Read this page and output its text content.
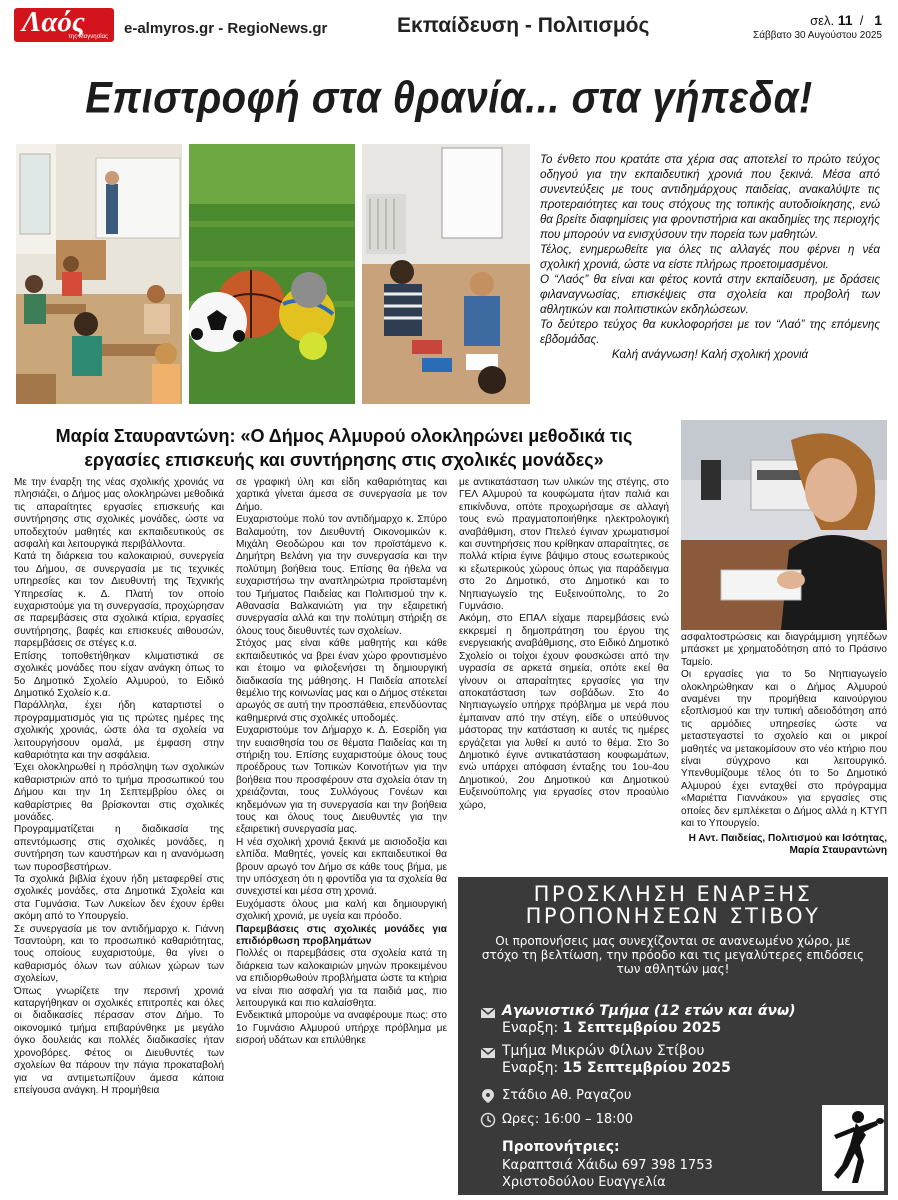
Λαός
της Μαγνησίας e-almyros.gr - RegioNews.gr	Εκπαίδευση - Πολιτισμός	σελ. 11 / 1
Σάββατο 30 Αυγούστου 2025
Επιστροφή στα θρανία... στα γήπεδα!

Το ένθετο που κρατάτε στα χέρια σας αποτελεί το πρώτο τεύχος οδηγού για την εκπαιδευτική χρονιά που ξεκινά. Μέσα από συνεντεύξεις με τους αντιδημάρχους παιδείας, ανακαλύψτε τις προτεραιότητες και τους στόχους της τοπικής αυτοδιοίκησης, ενώ θα βρείτε διαφημίσεις για φροντιστήρια και ακαδημίες της περιοχής που μπορούν να ενισχύσουν την πορεία των μαθητών.

Τέλος, ενημερωθείτε για όλες τις αλλαγές που φέρνει η νέα σχολική χρονιά, ώστε να είστε πλήρως προετοιμασμένοι.

Ο “Λαός” θα είναι και φέτος κοντά στην εκπαίδευση, με δράσεις φιλαναγνωσίας, επισκέψεις στα σχολεία και προβολή των αθλητικών και πολιτιστικών εκδηλώσεων.

Το δεύτερο τεύχος θα κυκλοφορήσει με τον “Λαό” της επόμενης εβδομάδας.

Καλή ανάγνωση! Καλή σχολική χρονιά

Μαρία Σταυραντώνη: «Ο Δήμος Αλμυρού ολοκληρώνει μεθοδικά τις εργασίες επισκευής και συντήρησης στις σχολικές μονάδες»

Με την έναρξη της νέας σχολικής χρονιάς να πλησιάζει, ο Δήμος μας ολοκληρώνει μεθοδικά τις απαραίτητες εργασίες επισκευής και συντήρησης στις σχολικές μονάδες, ώστε να υποδεχτούν μαθητές και εκπαιδευτικούς σε ασφαλή και λειτουργικά περιβάλλοντα.

Κατά τη διάρκεια του καλοκαιριού, συνεργεία του Δήμου, σε συνεργασία με τις τεχνικές υπηρεσίες και τον Διευθυντή της Τεχνικής Υπηρεσίας κ. Δ. Πλατή τον οποίο ευχαριστούμε για τη συνεργασία, προχώρησαν σε παρεμβάσεις στα σχολικά κτίρια, εργασίες συντήρησης, βαφές και επισκευές αιθουσών, παρεμβάσεις σε στέγες κ.α.

Επίσης τοποθετήθηκαν κλιματιστικά σε σχολικές μονάδες που είχαν ανάγκη όπως το 5ο Δημοτικό Σχολείο Αλμυρού, το Ειδικό Δημοτικό Σχολείο κ.α.

Παράλληλα, έχει ήδη καταρτιστεί ο προγραμματισμός για τις πρώτες ημέρες της σχολικής χρονιάς, ώστε όλα τα σχολεία να λειτουργήσουν ομαλά, με έμφαση στην καθαριότητα και την ασφάλεια.

Έχει ολοκληρωθεί η πρόσληψη των σχολικών καθαριστριών από το τμήμα προσωπικού του Δήμου και την 1η Σεπτεμβρίου όλες οι καθαρίστριες θα βρίσκονται στις σχολικές μονάδες.

Προγραμματίζεται η διαδικασία της απεντόμωσης στις σχολικές μονάδες, η συντήρηση των καυστήρων και η ανανόμωση των πυροσβεστήρων.

Τα σχολικά βιβλία έχουν ήδη μεταφερθεί στις σχολικές μονάδες, στα Δημοτικά Σχολεία και στα Γυμνάσια. Των Λυκείων δεν έχουν έρθει ακόμη από το Υπουργείο.

Σε συνεργασία με τον αντιδήμαρχο κ. Γιάννη Τσαντούρη, και το προσωπικό καθαριότητας, τους οποίους ευχαριστούμε, θα γίνει ο καθαρισμός όλων των αύλιων χώρων των σχολείων,

Όπως γνωρίζετε την περσινή χρονιά καταργήθηκαν οι σχολικές επιτροπές και όλες οι διαδικασίες πέρασαν στον Δήμο. Το οικονομικό τμήμα επιβαρύνθηκε με μεγάλο όγκο δουλειάς και πολλές διαδικασίες ήταν χρονοβόρες. Φέτος οι Διευθυντές των σχολείων θα πάρουν την πάγια προκαταβολή για να αντιμετωπίζουν άμεσα κάποια επείγουσα ανάγκη. Η προμήθεια

σε γραφική ύλη και είδη καθαριότητας και χαρτικά γίνεται άμεσα σε συνεργασία με τον Δήμο.

Ευχαριστούμε πολύ τον αντιδήμαρχο κ. Σπύρο Βαλαμούτη, τον Διευθυντή Οικονομικών κ. Μιχάλη Θεοδώρου και τον προϊστάμενο κ. Δημήτρη Βελάνη για την συνεργασία και την πολύτιμη βοήθεια τους. Επίσης θα ήθελα να ευχαριστήσω την αναπληρώτρια προϊσταμένη του Τμήματος Παιδείας και Πολιτισμού την κ. Αθανασία Βαλκανιώτη για την εξαιρετική συνεργασία αλλά και την πολύτιμη στήριξη σε όλους τους διευθυντές των σχολείων.

Στόχος μας είναι κάθε μαθητής και κάθε εκπαιδευτικός να βρει έναν χώρο φροντισμένο και έτοιμο να φιλοξενήσει τη δημιουργική διαδικασία της μάθησης. Η Παιδεία αποτελεί θεμέλιο της κοινωνίας μας και ο Δήμος στέκεται αρωγός σε αυτή την προσπάθεια, επενδύοντας καθημερινά στις σχολικές υποδομές.

Ευχαριστούμε τον Δήμαρχο κ. Δ. Εσερίδη για την ευαισθησία του σε θέματα Παιδείας και τη στήριξη του. Επίσης ευχαριστούμε όλους τους προέδρους των Τοπικών Κοινοτήτων για την βοήθεια που προσφέρουν στα σχολεία όταν τη χρειάζονται, τους Συλλόγους Γονέων και κηδεμόνων για τη συνεργασία και την βοήθεια τους και όλους τους Διευθυντές για την εξαιρετική συνεργασία μας.

Η νέα σχολική χρονιά ξεκινά με αισιοδοξία και ελπίδα. Μαθητές, γονείς και εκπαιδευτικοί θα βρουν αρωγό τον Δήμο σε κάθε τους βήμα, με την υπόσχεση ότι η φροντίδα για τα σχολεία θα συνεχιστεί και μέσα στη χρονιά.

Ευχόμαστε όλους μια καλή και δημιουργική σχολική χρονιά, με υγεία και πρόοδο.

Παρεμβάσεις στις σχολικές μονάδες για επιδιόρθωση προβλημάτων

Πολλές οι παρεμβάσεις στα σχολεία κατά τη διάρκεια των καλοκαιριών μηνών προκειμένου να επιδιορθωθούν προβλήματα ώστε τα κτήρια να είναι πιο ασφαλή για τα παιδιά μας, πιο λειτουργικά και πιο καλαίσθητα.

Ενδεικτικά μπορούμε να αναφέρουμε πως: στο 1ο Γυμνάσιο Αλμυρού υπήρχε πρόβλημα με εισροή υδάτων και επιλύθηκε

με αντικατάσταση των υλικών της στέγης, στο ΓΕΛ Αλμυρού τα κουφώματα ήταν παλιά και επικίνδυνα, οπότε προχωρήσαμε σε αλλαγή τους ενώ πραγματοποιήθηκε ηλεκτρολογική αναβάθμιση, στον Πτελεό έγιναν χρωματισμοί και συντηρήσεις που κρίθηκαν απαραίτητες, σε πολλά κτίρια έγινε βάψιμο στους εσωτερικούς κι εξωτερικούς χώρους όπως για παράδειγμα στο 2ο Δημοτικό, στο Δημοτικό και το Νηπιαγωγείο της Ευξεινούπολης, το 2ο Γυμνάσιο.

Ακόμη, στο ΕΠΑΛ είχαμε παρεμβάσεις ενώ εκκρεμεί η δημοπράτηση του έργου της ενεργειακής αναβάθμισης, στο Ειδικό Δημοτικό Σχολείο οι τοίχοι έχουν φουσκώσει από την υγρασία σε αρκετά σημεία, οπότε εκεί θα γίνουν οι απαραίτητες εργασίες για την αποκατάσταση των σοβάδων. Στο 4ο Νηπιαγωγείο υπήρχε πρόβλημα με νερά που έμπαιναν από την στέγη, είδε ο υπεύθυνος μάστορας την κατάσταση κι αυτές τις ημέρες εργάζεται για λυθεί κι αυτό το θέμα. Στο 3ο Δημοτικό έγινε αντικατάσταση κουφωμάτων, ενώ υπάρχει απόφαση ένταξης του 1ου-4ου Δημοτικού, 2ου Δημοτικού και Δημοτικού Ευξεινούπολης για εργασίες στον προαύλιο χώρο,

ασφαλτοστρώσεις και διαγράμμιση γηπέδων μπάσκετ με χρηματοδότηση από το Πράσινο Ταμείο.

Οι εργασίες για το 5ο Νηπιαγωγείο ολοκληρώθηκαν και ο Δήμος Αλμυρού αναμένει την προμήθεια καινούργιου εξοπλισμού και την τυπική αδειοδότηση από τις αρμόδιες υπηρεσίες ώστε να μεταστεγαστεί το σχολείο και οι μικροί μαθητές να μετακομίσουν στο νέο κτήριο που είναι σύγχρονο και λειτουργικό. Υπενθυμίζουμε τέλος ότι το 5ο Δημοτικό Αλμυρού έχει ενταχθεί στο πρόγραμμα «Μαριέττα Γιαννάκου» για εργασίες στις οποίες δεν εμπλέκεται ο Δήμος αλλά η ΚΤΥΠ και το Υπουργείο.

Η Αντ. Παιδείας, Πολιτισμού και Ισότητας, Μαρία Σταυραντώνη

ΠΡΟΣΚΛΗΣΗ ΕΝΑΡΞΗΣ
ΠΡΟΠΟΝΗΣΕΩΝ ΣΤΙΒΟΥ
Οι προπονήσεις μας συνεχίζονται σε ανανεωμένο χώρο, με στόχο τη βελτίωση, την πρόοδο και τις μεγαλύτερες επιδόσεις των αθλητών μας!
Αγωνιστικό Τμήμα (12 ετών και άνω)
Εναρξη: 1 Σεπτεμβρίου 2025
Τμήμα Μικρών Φίλων Στίβου
Εναρξη: 15 Σεπτεμβρίου 2025
Στάδιο Αθ. Ραγαζου
Ωρες: 16:00 – 18:00
Προπονήτριες:
Καραπτσιά Χάιδω 697 398 1753
Χριστοδούλου Ευαγγελία
